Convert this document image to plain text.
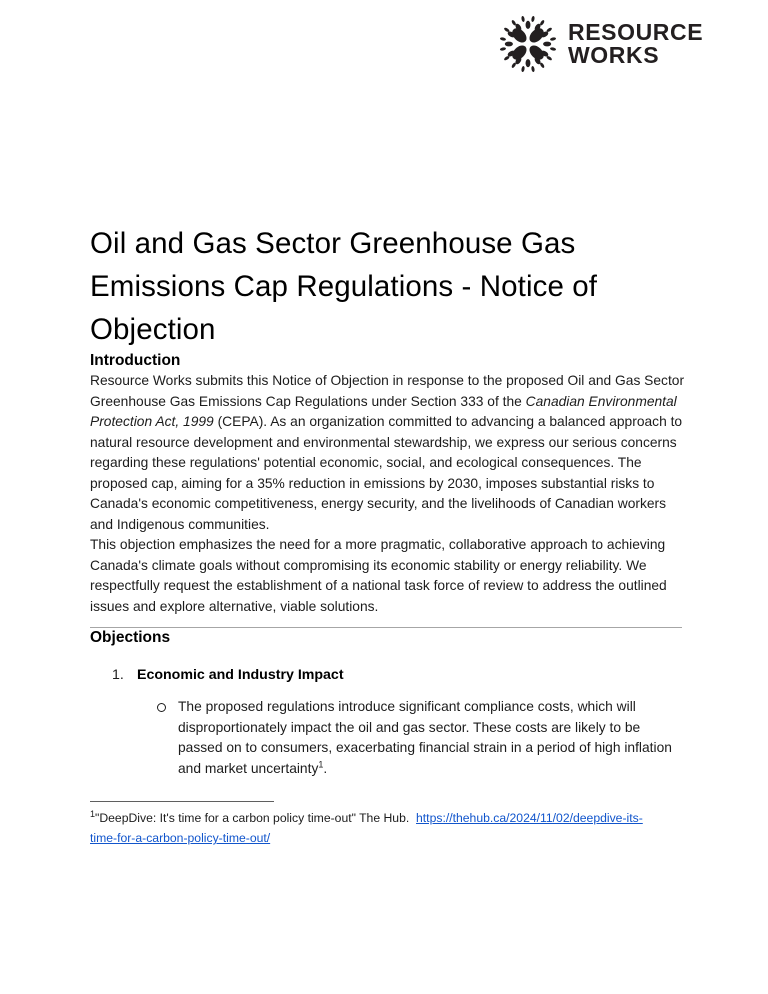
RESOURCE
WORKS
Oil and Gas Sector Greenhouse Gas
Emissions Cap Regulations - Notice of
Objection
Introduction

Resource Works submits this Notice of Objection in response to the proposed Oil and Gas Sector Greenhouse Gas Emissions Cap Regulations under Section 333 of the Canadian Environmental Protection Act, 1999 (CEPA). As an organization committed to advancing a balanced approach to natural resource development and environmental stewardship, we express our serious concerns regarding these regulations' potential economic, social, and ecological consequences. The proposed cap, aiming for a 35% reduction in emissions by 2030, imposes substantial risks to Canada's economic competitiveness, energy security, and the livelihoods of Canadian workers and Indigenous communities.

This objection emphasizes the need for a more pragmatic, collaborative approach to achieving Canada's climate goals without compromising its economic stability or energy reliability. We respectfully request the establishment of a national task force of review to address the outlined issues and explore alternative, viable solutions.

Objections
1. Economic and Industry Impact
The proposed regulations introduce significant compliance costs, which will disproportionately impact the oil and gas sector. These costs are likely to be passed on to consumers, exacerbating financial strain in a period of high inflation and market uncertainty$^1$.
$^1$"DeepDive: It's time for a carbon policy time-out" The Hub.  https://thehub.ca/2024/11/02/deepdive-its-
time-for-a-carbon-policy-time-out/
